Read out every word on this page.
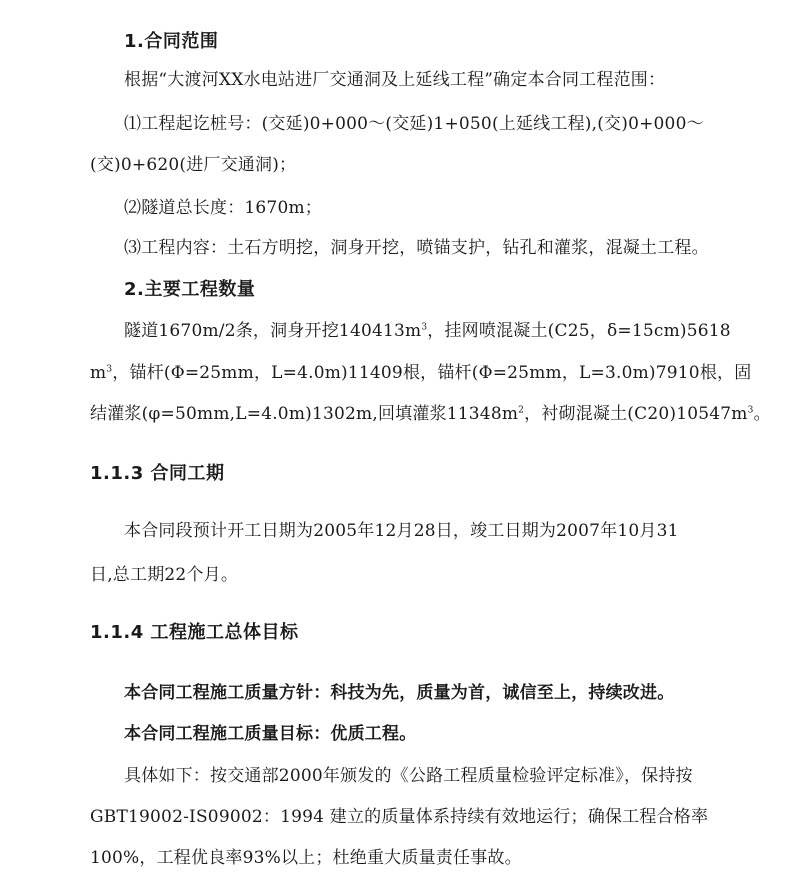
1.合同范围
根据“大渡河XX水电站进厂交通洞及上延线工程”确定本合同工程范围：
⑴工程起讫桩号：(交延)0+000～(交延)1+050(上延线工程),(交)0+000～
(交)0+620(进厂交通洞)；
⑵隧道总长度：1670m；
⑶工程内容：土石方明挖，洞身开挖，喷锚支护，钻孔和灌浆，混凝土工程。
2.主要工程数量
隧道1670m/2条，洞身开挖$140413m^3$，挂网喷混凝土(C25，δ=15cm)5618
$m^3$，锚杆(Φ=25mm，L=4.0m)11409根，锚杆(Φ=25mm，L=3.0m)7910根，固
结灌浆(φ=50mm,L=4.0m)1302m,回填灌浆$11348m^2$，衬砌混凝土$(C20)10547m^3$。
1.1.3 合同工期
本合同段预计开工日期为2005年12月28日，竣工日期为2007年10月31
日,总工期22个月。
1.1.4 工程施工总体目标
本合同工程施工质量方针：科技为先，质量为首，诚信至上，持续改进。
本合同工程施工质量目标：优质工程。
具体如下：按交通部2000年颁发的《公路工程质量检验评定标准》，保持按
GBT19002-IS09002：1994 建立的质量体系持续有效地运行；确保工程合格率
100%，工程优良率93%以上；杜绝重大质量责任事故。
